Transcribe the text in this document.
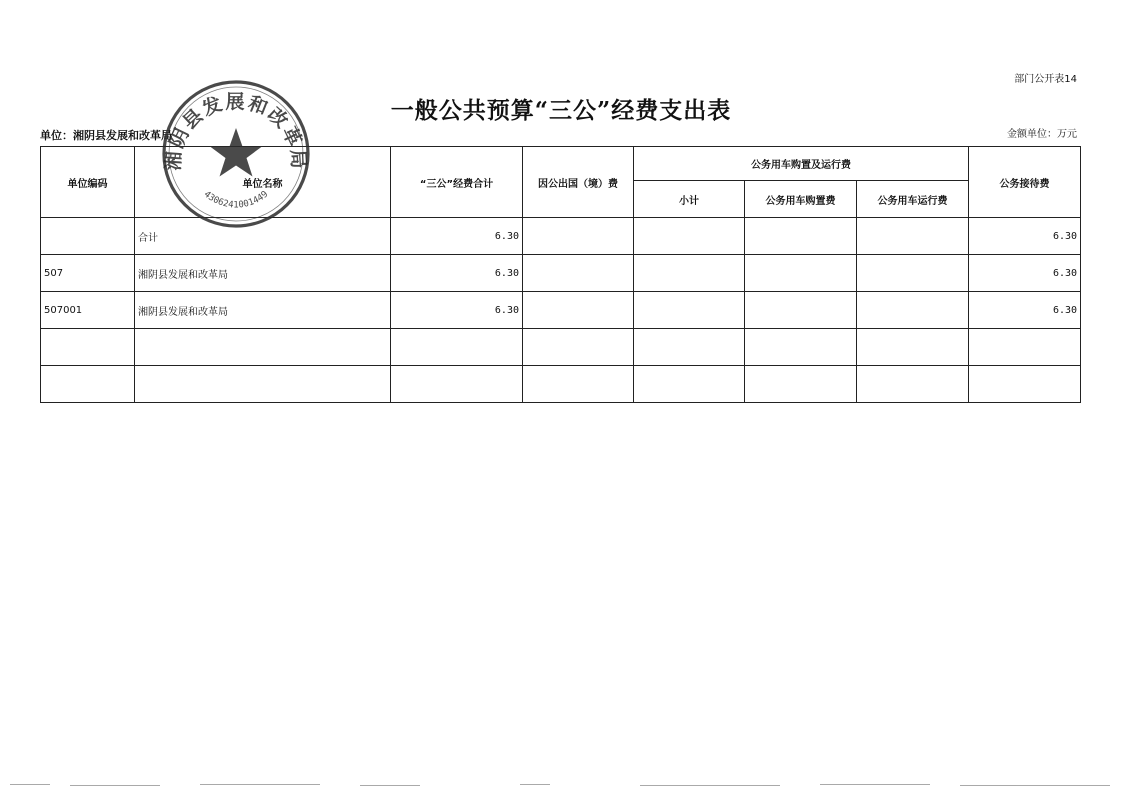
部门公开表14
一般公共预算“三公”经费支出表
单位：湘阴县发展和改革局	金额单位：万元
单位编码	单位名称	“三公”经费合计	因公出国（境）费	公务用车购置及运行费			公务接待费
				小计	公务用车购置费	公务用车运行费	
	合计	6.30					6.30
507	湘阴县发展和改革局	6.30					6.30
507001	湘阴县发展和改革局	6.30					6.30

湘阴县发展和改革局
4306241001449
